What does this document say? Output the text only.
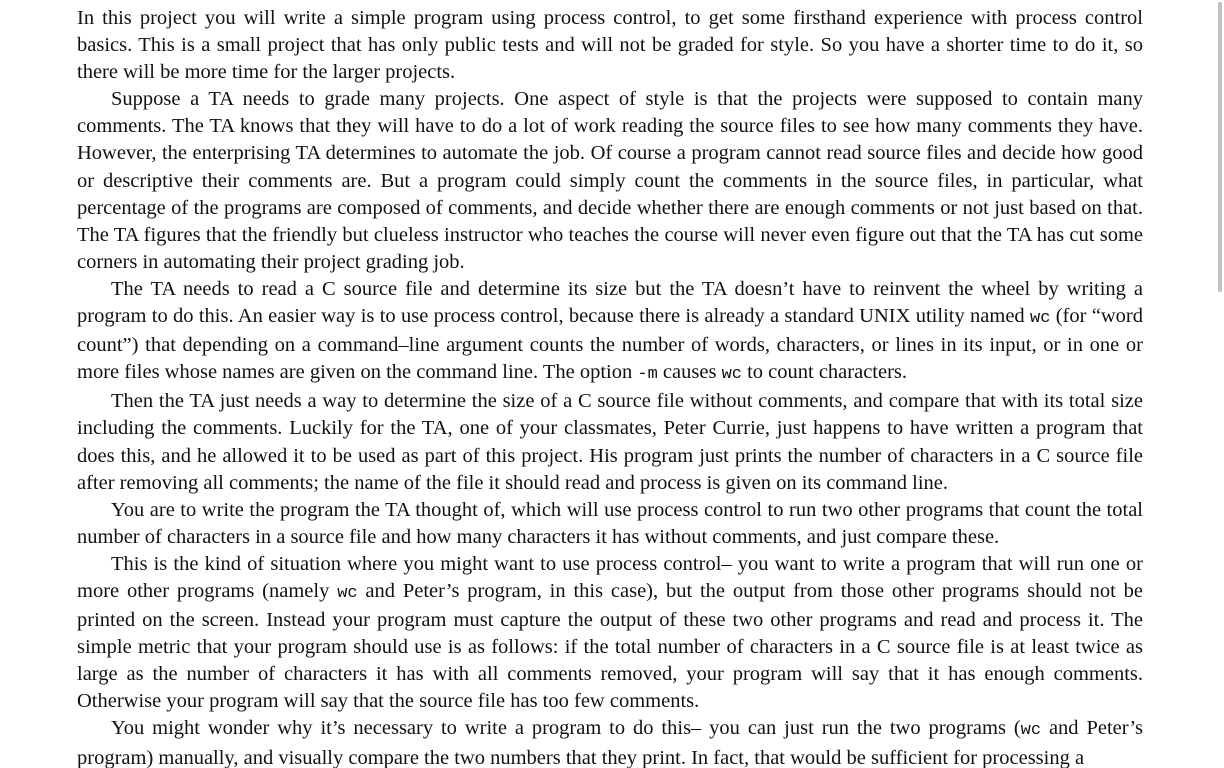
In this project you will write a simple program using process control, to get some firsthand experience with process control basics. This is a small project that has only public tests and will not be graded for style. So you have a shorter time to do it, so there will be more time for the larger projects.

Suppose a TA needs to grade many projects. One aspect of style is that the projects were supposed to contain many comments. The TA knows that they will have to do a lot of work reading the source files to see how many comments they have. However, the enterprising TA determines to automate the job. Of course a program cannot read source files and decide how good or descriptive their comments are. But a program could simply count the comments in the source files, in particular, what percentage of the programs are composed of comments, and decide whether there are enough comments or not just based on that. The TA figures that the friendly but clueless instructor who teaches the course will never even figure out that the TA has cut some corners in automating their project grading job.

The TA needs to read a C source file and determine its size but the TA doesn’t have to reinvent the wheel by writing a program to do this. An easier way is to use process control, because there is already a standard UNIX utility named wc (for “word count”) that depending on a command–line argument counts the number of words, characters, or lines in its input, or in one or more files whose names are given on the command line. The option -m causes wc to count characters.

Then the TA just needs a way to determine the size of a C source file without comments, and compare that with its total size including the comments. Luckily for the TA, one of your classmates, Peter Currie, just happens to have written a program that does this, and he allowed it to be used as part of this project. His program just prints the number of characters in a C source file after removing all comments; the name of the file it should read and process is given on its command line.

You are to write the program the TA thought of, which will use process control to run two other programs that count the total number of characters in a source file and how many characters it has without comments, and just compare these.

This is the kind of situation where you might want to use process control– you want to write a program that will run one or more other programs (namely wc and Peter’s program, in this case), but the output from those other programs should not be printed on the screen. Instead your program must capture the output of these two other programs and read and process it. The simple metric that your program should use is as follows: if the total number of characters in a C source file is at least twice as large as the number of characters it has with all comments removed, your program will say that it has enough comments. Otherwise your program will say that the source file has too few comments.

You might wonder why it’s necessary to write a program to do this– you can just run the two programs (wc and Peter’s program) manually, and visually compare the two numbers that they print. In fact, that would be sufficient for processing a
